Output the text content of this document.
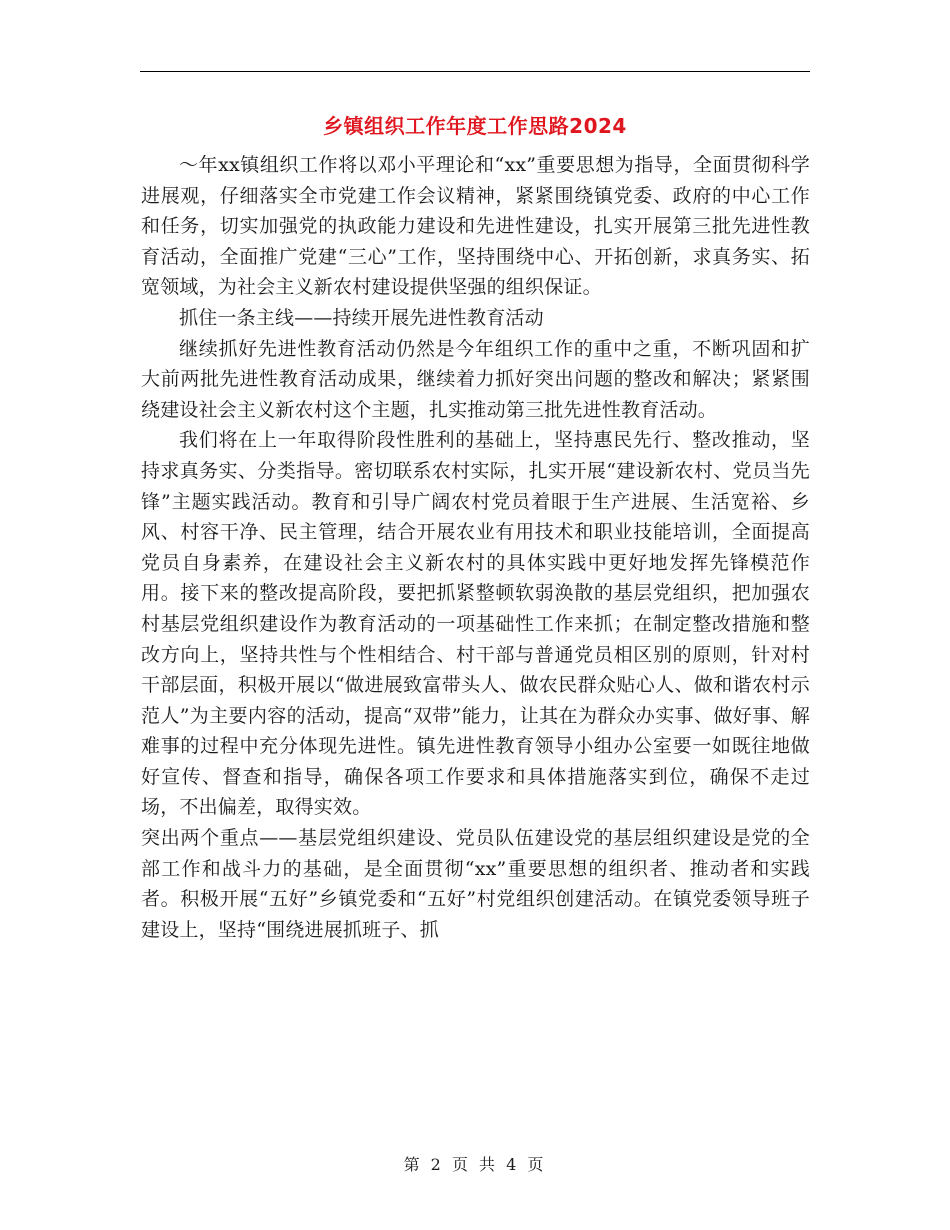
乡镇组织工作年度工作思路2024

～年xx镇组织工作将以邓小平理论和“xx”重要思想为指导，全面贯彻科学进展观，仔细落实全市党建工作会议精神，紧紧围绕镇党委、政府的中心工作和任务，切实加强党的执政能力建设和先进性建设，扎实开展第三批先进性教育活动，全面推广党建“三心”工作，坚持围绕中心、开拓创新，求真务实、拓宽领域，为社会主义新农村建设提供坚强的组织保证。

抓住一条主线——持续开展先进性教育活动

继续抓好先进性教育活动仍然是今年组织工作的重中之重，不断巩固和扩大前两批先进性教育活动成果，继续着力抓好突出问题的整改和解决；紧紧围绕建设社会主义新农村这个主题，扎实推动第三批先进性教育活动。

我们将在上一年取得阶段性胜利的基础上，坚持惠民先行、整改推动，坚持求真务实、分类指导。密切联系农村实际，扎实开展“建设新农村、党员当先锋”主题实践活动。教育和引导广阔农村党员着眼于生产进展、生活宽裕、乡风、村容干净、民主管理，结合开展农业有用技术和职业技能培训，全面提高党员自身素养，在建设社会主义新农村的具体实践中更好地发挥先锋模范作用。接下来的整改提高阶段，要把抓紧整顿软弱涣散的基层党组织，把加强农村基层党组织建设作为教育活动的一项基础性工作来抓；在制定整改措施和整改方向上，坚持共性与个性相结合、村干部与普通党员相区别的原则，针对村干部层面，积极开展以“做进展致富带头人、做农民群众贴心人、做和谐农村示范人”为主要内容的活动，提高“双带”能力，让其在为群众办实事、做好事、解难事的过程中充分体现先进性。镇先进性教育领导小组办公室要一如既往地做好宣传、督查和指导，确保各项工作要求和具体措施落实到位，确保不走过场，不出偏差，取得实效。

突出两个重点——基层党组织建设、党员队伍建设党的基层组织建设是党的全部工作和战斗力的基础，是全面贯彻“xx”重要思想的组织者、推动者和实践者。积极开展“五好”乡镇党委和“五好”村党组织创建活动。在镇党委领导班子建设上，坚持“围绕进展抓班子、抓

第 2 页 共 4 页
